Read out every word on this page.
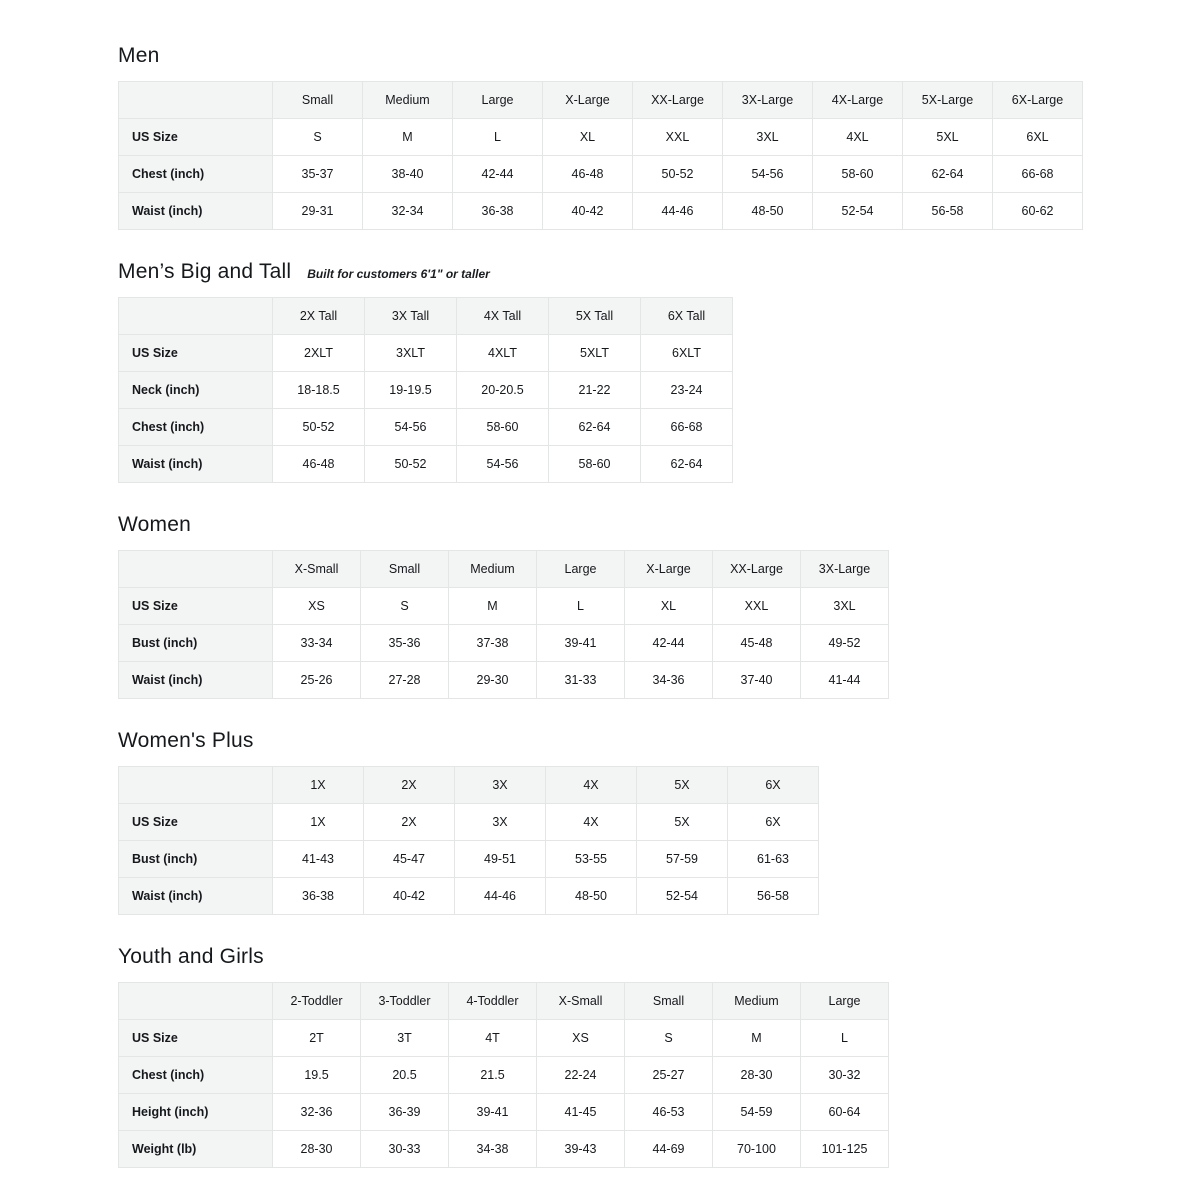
Men
	Small	Medium	Large	X-Large	XX-Large	3X-Large	4X-Large	5X-Large	6X-Large
US Size	S	M	L	XL	XXL	3XL	4XL	5XL	6XL
Chest (inch)	35-37	38-40	42-44	46-48	50-52	54-56	58-60	62-64	66-68
Waist (inch)	29-31	32-34	36-38	40-42	44-46	48-50	52-54	56-58	60-62
Men’s Big and Tall Built for customers 6'1" or taller
	2X Tall	3X Tall	4X Tall	5X Tall	6X Tall
US Size	2XLT	3XLT	4XLT	5XLT	6XLT
Neck (inch)	18-18.5	19-19.5	20-20.5	21-22	23-24
Chest (inch)	50-52	54-56	58-60	62-64	66-68
Waist (inch)	46-48	50-52	54-56	58-60	62-64
Women
	X-Small	Small	Medium	Large	X-Large	XX-Large	3X-Large
US Size	XS	S	M	L	XL	XXL	3XL
Bust (inch)	33-34	35-36	37-38	39-41	42-44	45-48	49-52
Waist (inch)	25-26	27-28	29-30	31-33	34-36	37-40	41-44
Women's Plus
	1X	2X	3X	4X	5X	6X
US Size	1X	2X	3X	4X	5X	6X
Bust (inch)	41-43	45-47	49-51	53-55	57-59	61-63
Waist (inch)	36-38	40-42	44-46	48-50	52-54	56-58
Youth and Girls
	2-Toddler	3-Toddler	4-Toddler	X-Small	Small	Medium	Large
US Size	2T	3T	4T	XS	S	M	L
Chest (inch)	19.5	20.5	21.5	22-24	25-27	28-30	30-32
Height (inch)	32-36	36-39	39-41	41-45	46-53	54-59	60-64
Weight (lb)	28-30	30-33	34-38	39-43	44-69	70-100	101-125
